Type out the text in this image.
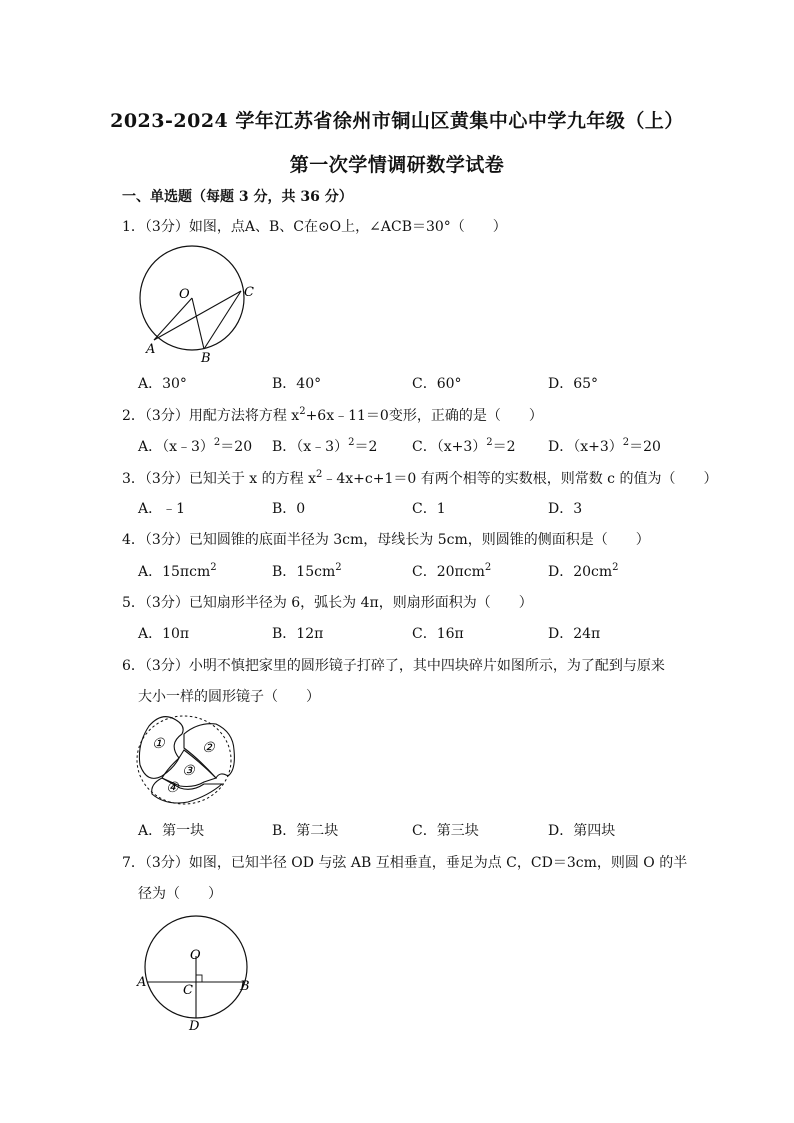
2023-2024 学年江苏省徐州市铜山区黄集中心中学九年级（上）
第一次学情调研数学试卷
一、单选题（每题 3 分，共 36 分）
1．（3分）如图，点A、B、C在⊙O上，∠ACB＝30°（　　）
O	C
A
B
A．30°	B．40°	C．60°	D．65°
2．（3分）用配方法将方程 $x^2+6x﹣11=0$变形，正确的是（　　）
A．（x﹣3）$^2$＝20 B．（x﹣3）$^2$＝2 C．$(x+3)^2=2$ D．$(x+3)^2=20$
3．（3分）已知关于 x 的方程 $x^2﹣4x+c+1=0$ 有两个相等的实数根，则常数 c 的值为（　　）
A．﹣1	B．0	C．1	D．3
4．（3分）已知圆锥的底面半径为 3cm，母线长为 5cm，则圆锥的侧面积是（　　）
A．15πcm$^2$	B．$15cm^2$	C．20πcm$^2$	D．$20cm^2$
5．（3分）已知扇形半径为 6，弧长为 4π，则扇形面积为（　　）
A．10π	B．12π	C．16π	D．24π
6．（3分）小明不慎把家里的圆形镜子打碎了，其中四块碎片如图所示，为了配到与原来
大小一样的圆形镜子（　　）
①	②
③
④
A．第一块	B．第二块	C．第三块	D．第四块
7．（3分）如图，已知半径 OD 与弦 AB 互相垂直，垂足为点 C，CD＝3cm，则圆 O 的半
径为（　　）
O
A
C	B
D
